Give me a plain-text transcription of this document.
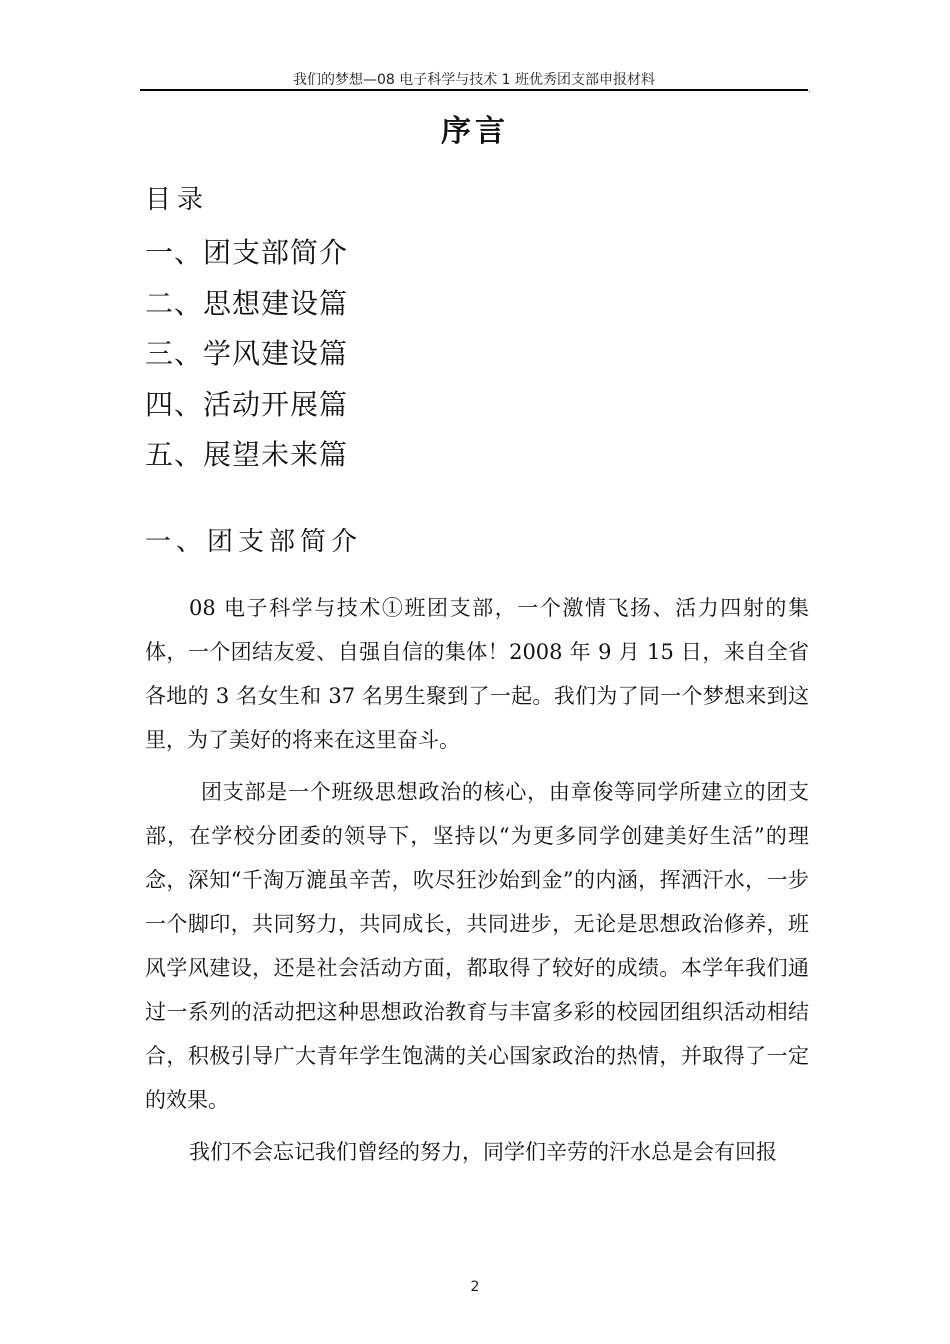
我们的梦想—08 电子科学与技术 1 班优秀团支部申报材料
.
序言
目录
一、团支部简介
二、思想建设篇
三、学风建设篇
四、活动开展篇
五、展望未来篇
一、团支部简介

08 电子科学与技术①班团支部，一个激情飞扬、活力四射的集体，一个团结友爱、自强自信的集体！2008 年 9 月 15 日，来自全省各地的 3 名女生和 37 名男生聚到了一起。我们为了同一个梦想来到这里，为了美好的将来在这里奋斗。

团支部是一个班级思想政治的核心，由章俊等同学所建立的团支部，在学校分团委的领导下，坚持以“为更多同学创建美好生活”的理念，深知“千淘万漉虽辛苦，吹尽狂沙始到金”的内涵，挥洒汗水，一步一个脚印，共同努力，共同成长，共同进步，无论是思想政治修养，班风学风建设，还是社会活动方面，都取得了较好的成绩。本学年我们通过一系列的活动把这种思想政治教育与丰富多彩的校园团组织活动相结合，积极引导广大青年学生饱满的关心国家政治的热情，并取得了一定的效果。

我们不会忘记我们曾经的努力，同学们辛劳的汗水总是会有回报

2
